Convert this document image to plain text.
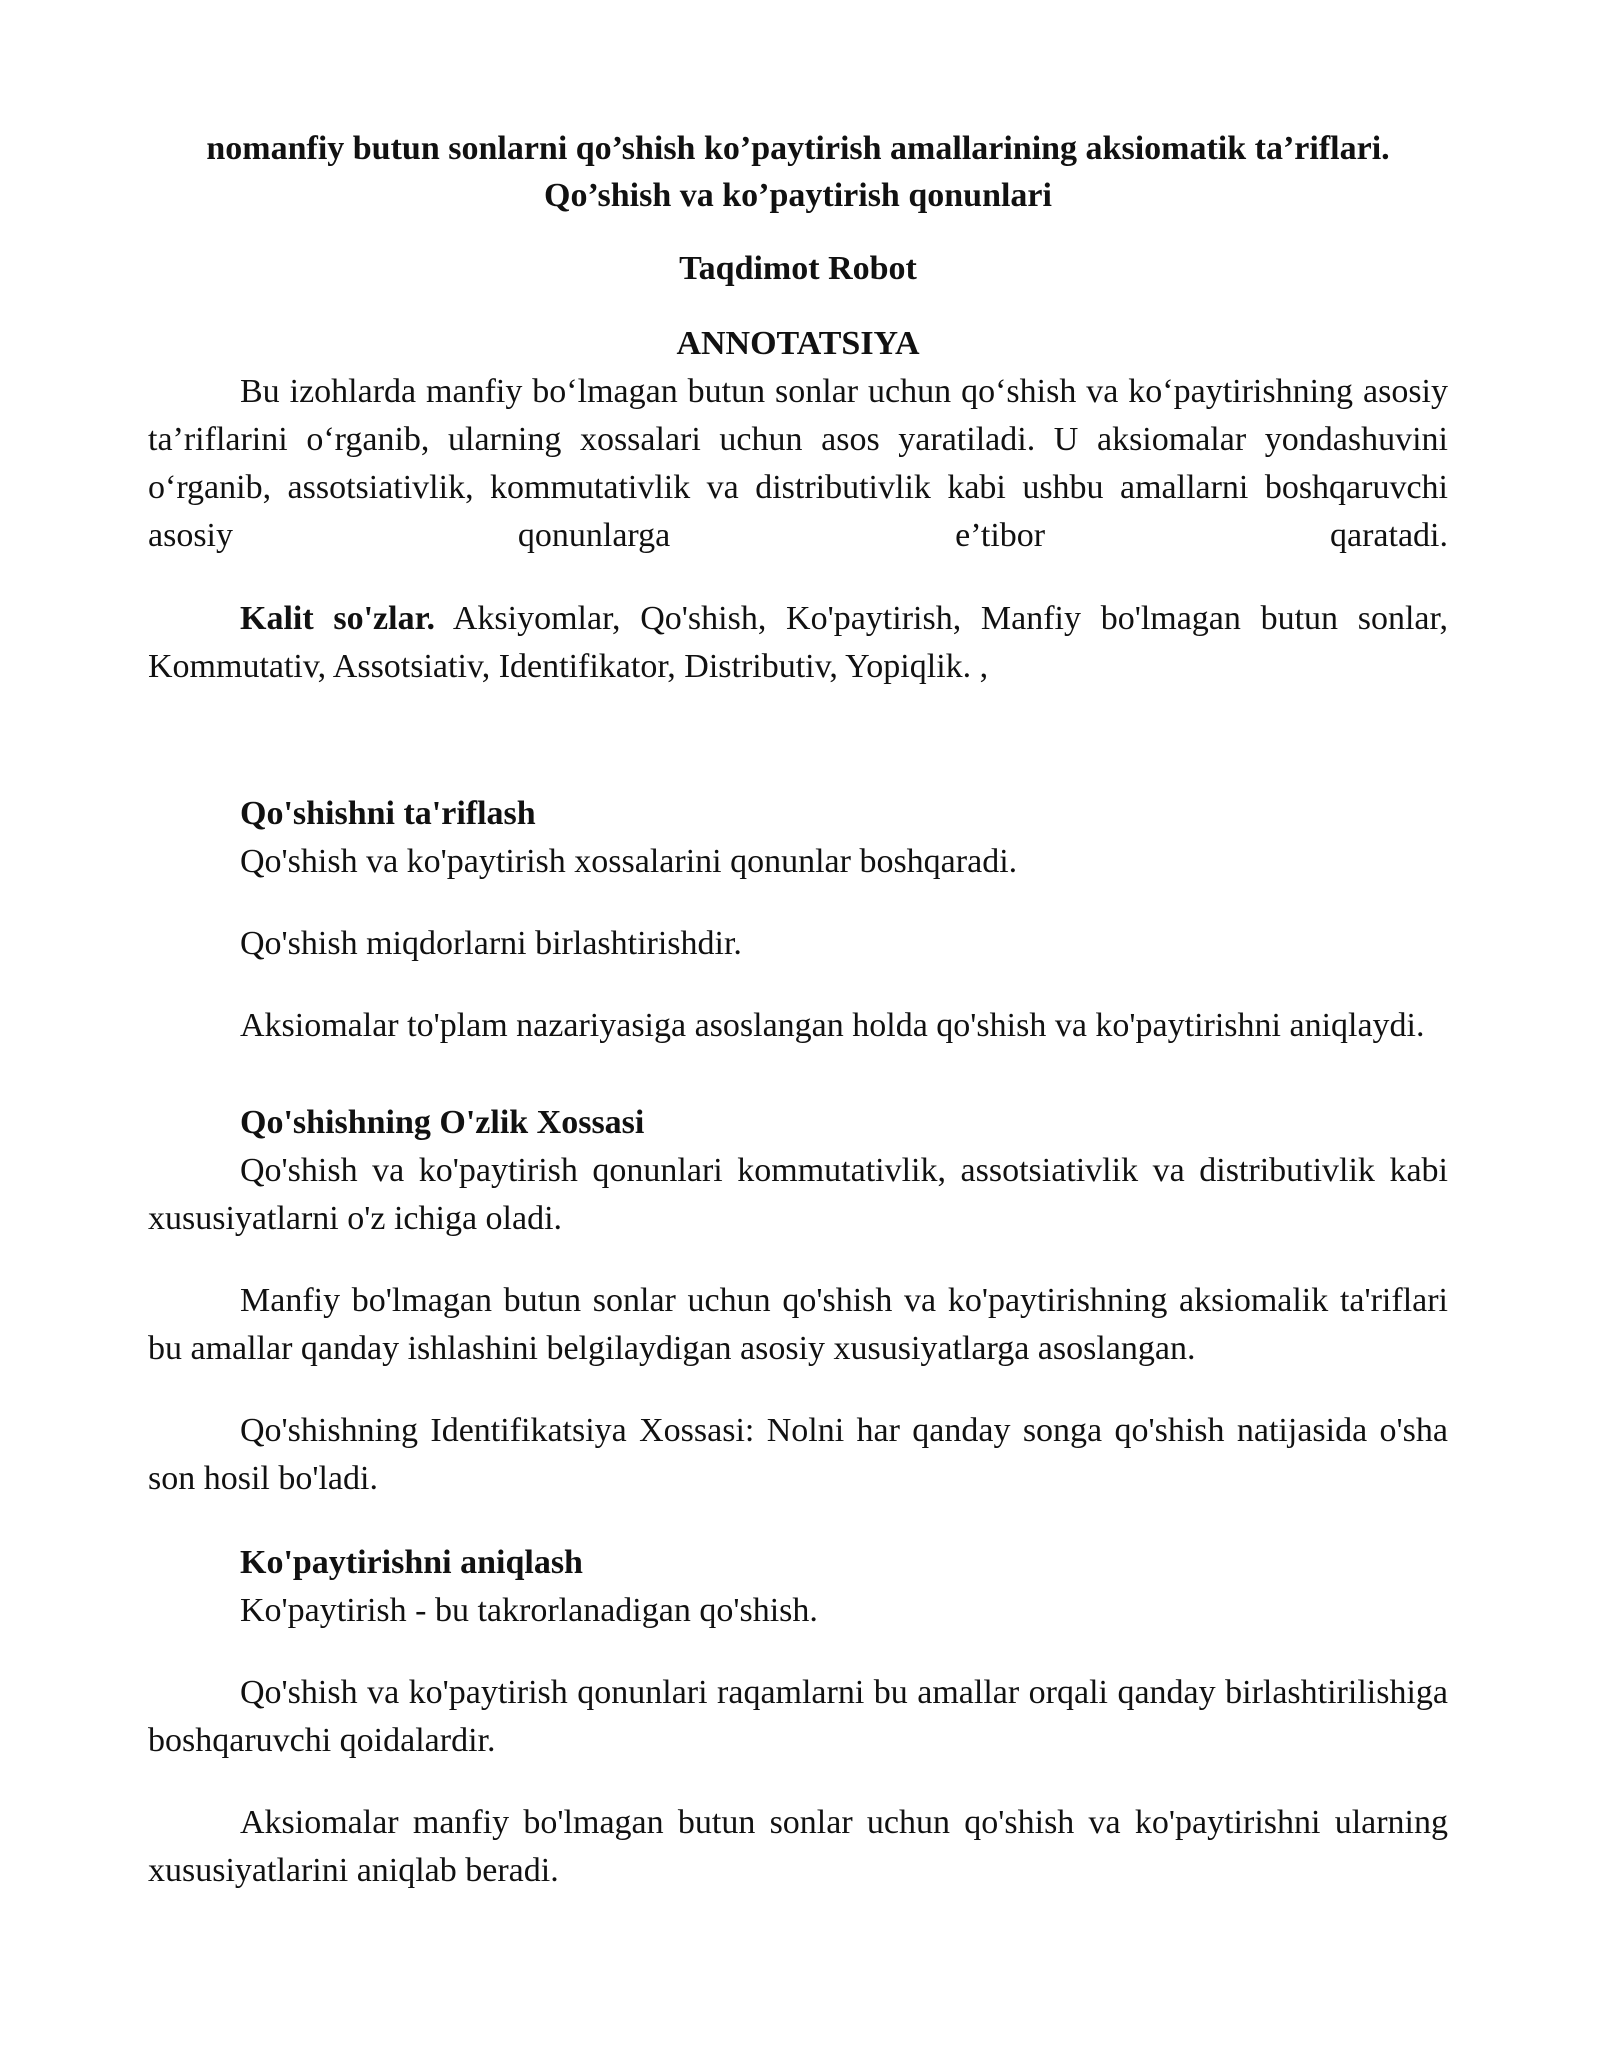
nomanfiy butun sonlarni qo’shish ko’paytirish amallarining aksiomatik ta’riflari.

Qo’shish va ko’paytirish qonunlari

Taqdimot Robot

ANNOTATSIYA

Bu izohlarda manfiy bo‘lmagan butun sonlar uchun qo‘shish va ko‘paytirishning asosiy ta’riflarini o‘rganib, ularning xossalari uchun asos yaratiladi. U aksiomalar yondashuvini o‘rganib, assotsiativlik, kommutativlik va distributivlik kabi ushbu amallarni boshqaruvchi asosiy qonunlarga e’tibor qaratadi.

Kalit so'zlar. Aksiyomlar, Qo'shish, Ko'paytirish, Manfiy bo'lmagan butun sonlar, Kommutativ, Assotsiativ, Identifikator, Distributiv, Yopiqlik. ,

Qo'shishni ta'riflash

Qo'shish va ko'paytirish xossalarini qonunlar boshqaradi.

Qo'shish miqdorlarni birlashtirishdir.

Aksiomalar to'plam nazariyasiga asoslangan holda qo'shish va ko'paytirishni aniqlaydi.

Qo'shishning O'zlik Xossasi

Qo'shish va ko'paytirish qonunlari kommutativlik, assotsiativlik va distributivlik kabi xususiyatlarni o'z ichiga oladi.

Manfiy bo'lmagan butun sonlar uchun qo'shish va ko'paytirishning aksiomalik ta'riflari bu amallar qanday ishlashini belgilaydigan asosiy xususiyatlarga asoslangan.

Qo'shishning Identifikatsiya Xossasi: Nolni har qanday songa qo'shish natijasida o'sha son hosil bo'ladi.

Ko'paytirishni aniqlash

Ko'paytirish - bu takrorlanadigan qo'shish.

Qo'shish va ko'paytirish qonunlari raqamlarni bu amallar orqali qanday birlashtirilishiga boshqaruvchi qoidalardir.

Aksiomalar manfiy bo'lmagan butun sonlar uchun qo'shish va ko'paytirishni ularning xususiyatlarini aniqlab beradi.
